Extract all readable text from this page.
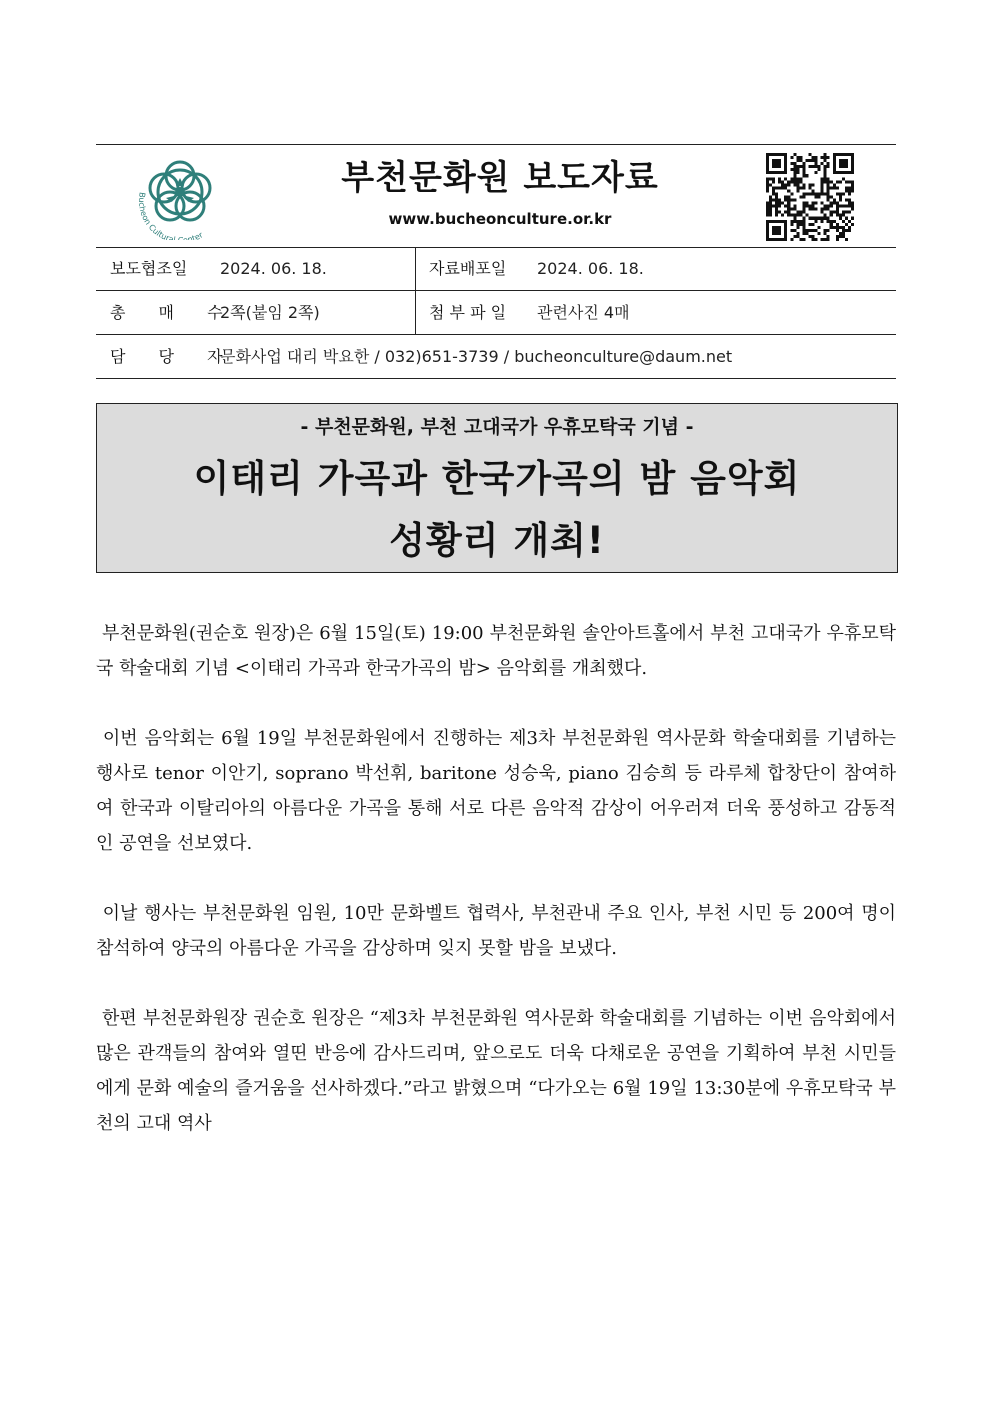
Bucheon Cultural nter
부천문화원 보도자료
www.bucheonculture.or.kr
보도협조일 2024. 06. 18.	자료배포일 2024. 06. 18.
총 매 수
2쪽(붙임 2쪽)	첨 부 파 일 관련사진 4매
담 당 자
문화사업 대리 박요한 / 032)651-3739 / bucheonculture@daum.net
- 부천문화원, 부천 고대국가 우휴모탁국 기념 -
이태리 가곡과 한국가곡의 밤 음악회
성황리 개최!

부천문화원(권순호 원장)은 6월 15일(토) 19:00 부천문화원 솔안아트홀에서 부천 고대국가 우휴모탁국 학술대회 기념 <이태리 가곡과 한국가곡의 밤> 음악회를 개최했다.

이번 음악회는 6월 19일 부천문화원에서 진행하는 제3차 부천문화원 역사문화 학술대회를 기념하는 행사로 tenor 이안기, soprano 박선휘, baritone 성승욱, piano 김승희 등 라루체 합창단이 참여하여 한국과 이탈리아의 아름다운 가곡을 통해 서로 다른 음악적 감상이 어우러져 더욱 풍성하고 감동적인 공연을 선보였다.

이날 행사는 부천문화원 임원, 10만 문화벨트 협력사, 부천관내 주요 인사, 부천 시민 등 200여 명이 참석하여 양국의 아름다운 가곡을 감상하며 잊지 못할 밤을 보냈다.

한편 부천문화원장 권순호 원장은 “제3차 부천문화원 역사문화 학술대회를 기념하는 이번 음악회에서 많은 관객들의 참여와 열띤 반응에 감사드리며, 앞으로도 더욱 다채로운 공연을 기획하여 부천 시민들에게 문화 예술의 즐거움을 선사하겠다.”라고 밝혔으며 “다가오는 6월 19일 13:30분에 우휴모탁국 부천의 고대 역사
